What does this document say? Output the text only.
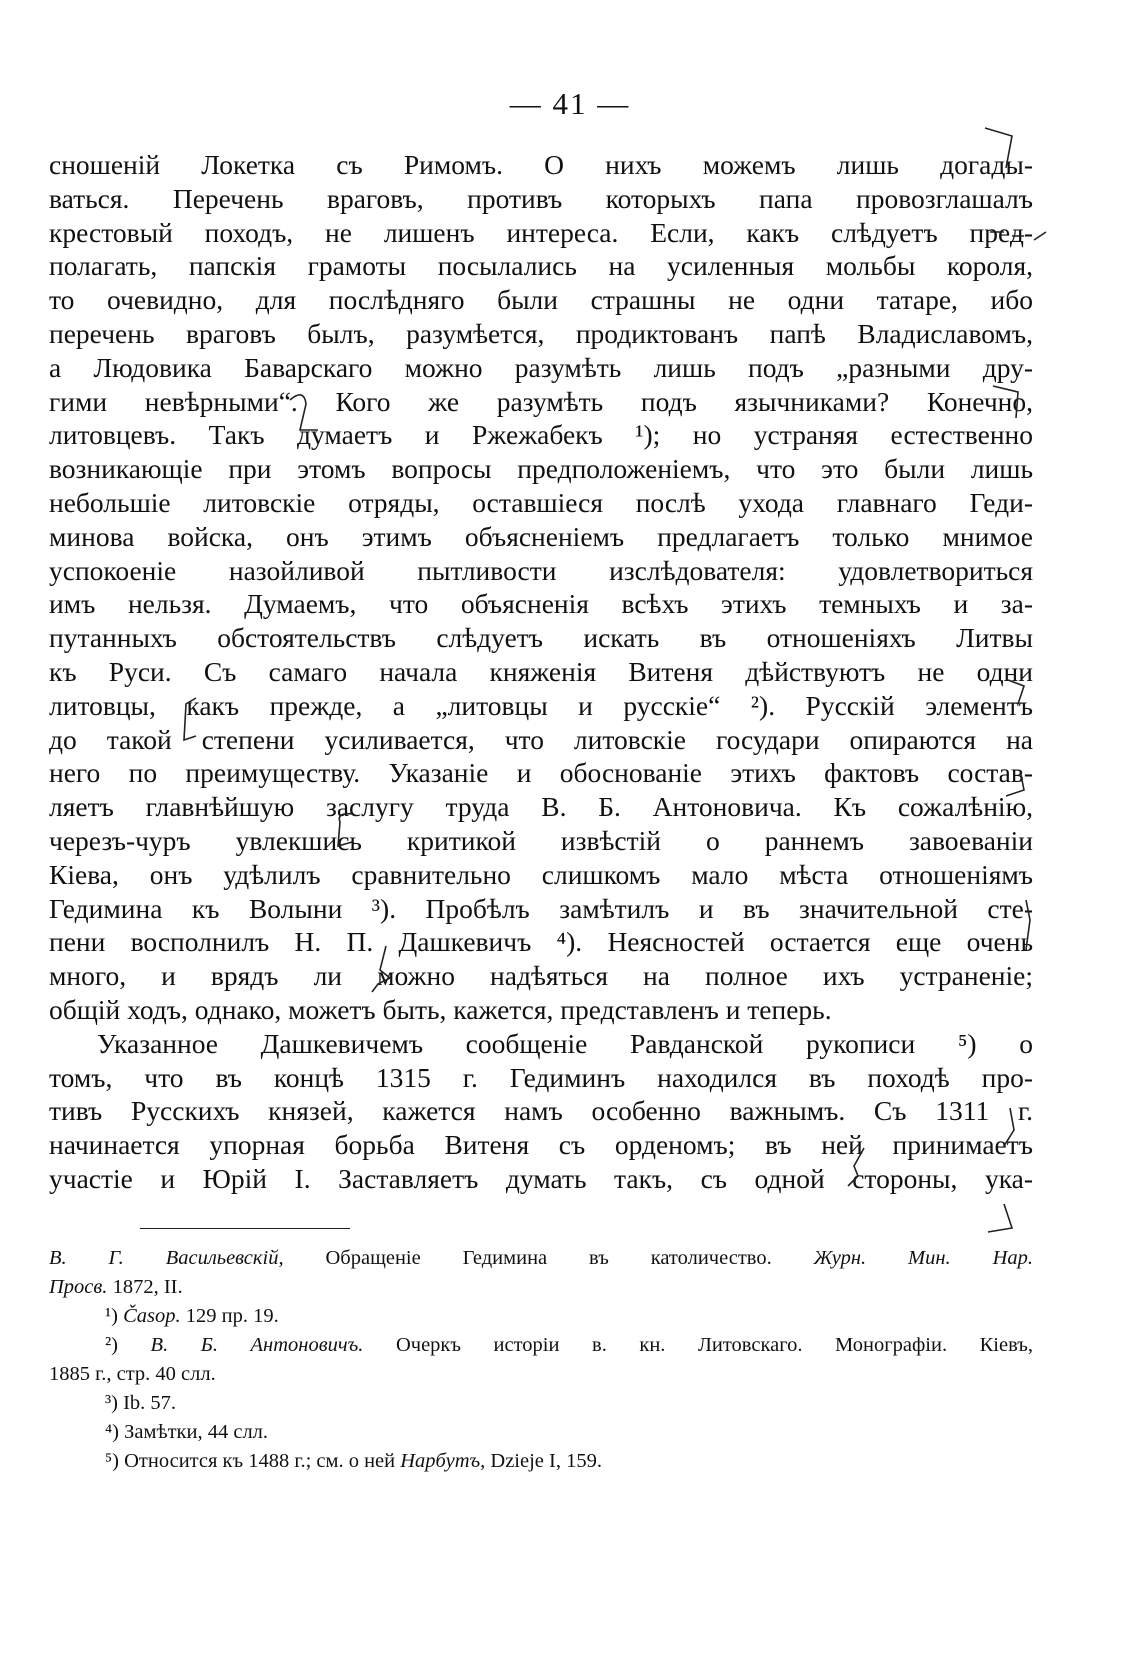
— 41 —
сношеній Локетка съ Римомъ. О нихъ можемъ лишь догады-
ваться. Перечень враговъ, противъ которыхъ папа провозглашалъ
крестовый походъ, не лишенъ интереса. Если, какъ слѣдуетъ пред-
полагать, папскія грамоты посылались на усиленныя мольбы короля,
то очевидно, для послѣдняго были страшны не одни татаре, ибо
перечень враговъ былъ, разумѣется, продиктованъ папѣ Владиславомъ,
а Людовика Баварскаго можно разумѣть лишь подъ „разными дру-
гими невѣрными“. Кого же разумѣть подъ язычниками? Конечно,
литовцевъ. Такъ думаетъ и Ржежабекъ ¹); но устраняя естественно
возникающіе при этомъ вопросы предположеніемъ, что это были лишь
небольшіе литовскіе отряды, оставшіеся послѣ ухода главнаго Геди-
минова войска, онъ этимъ объясненіемъ предлагаетъ только мнимое
успокоеніе назойливой пытливости изслѣдователя: удовлетвориться
имъ нельзя. Думаемъ, что объясненія всѣхъ этихъ темныхъ и за-
путанныхъ обстоятельствъ слѣдуетъ искать въ отношеніяхъ Литвы
къ Руси. Съ самаго начала княженія Витеня дѣйствуютъ не одни
литовцы, какъ прежде, а „литовцы и русскіе“ ²). Русскій элементъ
до такой степени усиливается, что литовскіе государи опираются на
него по преимуществу. Указаніе и обоснованіе этихъ фактовъ состав-
ляетъ главнѣйшую заслугу труда В. Б. Антоновича. Къ сожалѣнію,
черезъ-чуръ увлекшись критикой извѣстій о раннемъ завоеваніи
Кіева, онъ удѣлилъ сравнительно слишкомъ мало мѣста отношеніямъ
Гедимина къ Волыни ³). Пробѣлъ замѣтилъ и въ значительной сте-
пени восполнилъ Н. П. Дашкевичъ ⁴). Неясностей остается еще очень
много, и врядъ ли можно надѣяться на полное ихъ устраненіе;
общій ходъ, однако, можетъ быть, кажется, представленъ и теперь.
Указанное Дашкевичемъ сообщеніе Равданской рукописи ⁵) о
томъ, что въ концѣ 1315 г. Гедиминъ находился въ походѣ про-
тивъ Русскихъ князей, кажется намъ особенно важнымъ. Съ 1311 г.
начинается упорная борьба Витеня съ орденомъ; въ ней принимаетъ
участіе и Юрій I. Заставляетъ думать такъ, съ одной стороны, ука-
В. Г. Васильевскій, Обращеніе Гедимина въ католичество. Журн. Мин. Нар.
Просв. 1872, II.
¹) Časop. 129 пр. 19.
²) В. Б. Антоновичъ. Очеркъ исторіи в. кн. Литовскаго. Монографіи. Кіевъ,
1885 г., стр. 40 слл.
³) Ib. 57.
⁴) Замѣтки, 44 слл.
⁵) Относится къ 1488 г.; см. о ней Нарбутъ, Dzieje I, 159.
